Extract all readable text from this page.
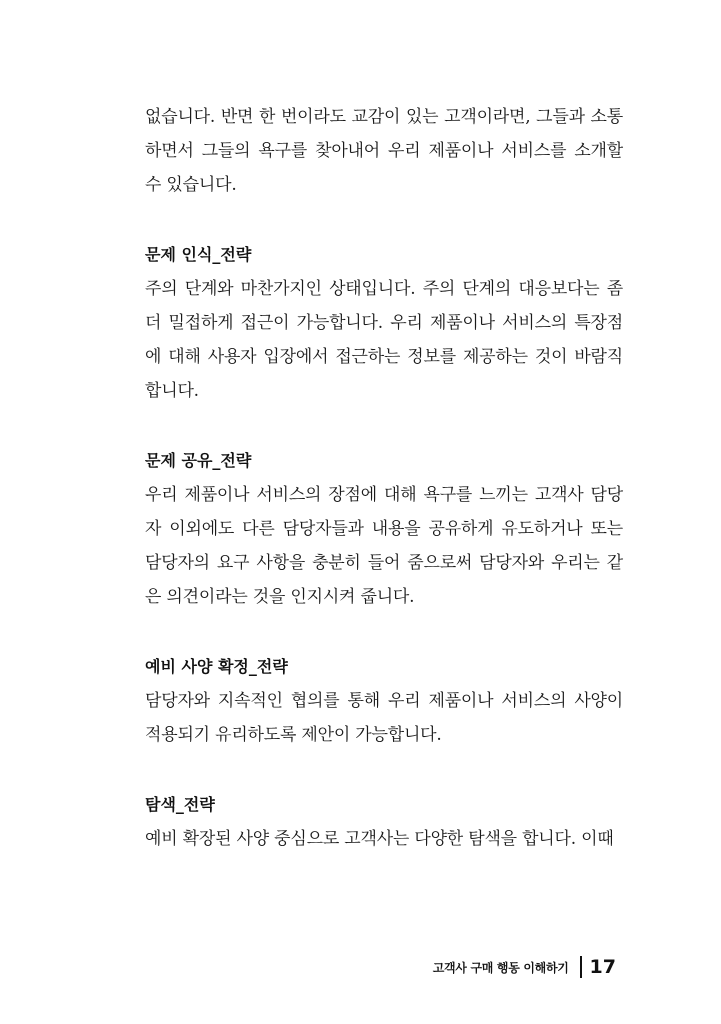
없습니다. 반면 한 번이라도 교감이 있는 고객이라면, 그들과 소통하면서 그들의 욕구를 찾아내어 우리 제품이나 서비스를 소개할 수 있습니다.

문제 인식_전략

주의 단계와 마찬가지인 상태입니다. 주의 단계의 대응보다는 좀 더 밀접하게 접근이 가능합니다. 우리 제품이나 서비스의 특장점에 대해 사용자 입장에서 접근하는 정보를 제공하는 것이 바람직합니다.

문제 공유_전략

우리 제품이나 서비스의 장점에 대해 욕구를 느끼는 고객사 담당자 이외에도 다른 담당자들과 내용을 공유하게 유도하거나 또는 담당자의 요구 사항을 충분히 들어 줌으로써 담당자와 우리는 같은 의견이라는 것을 인지시켜 줍니다.

예비 사양 확정_전략

담당자와 지속적인 협의를 통해 우리 제품이나 서비스의 사양이 적용되기 유리하도록 제안이 가능합니다.

탐색_전략

예비 확장된 사양 중심으로 고객사는 다양한 탐색을 합니다. 이때

고객사 구매 행동 이해하기 17
